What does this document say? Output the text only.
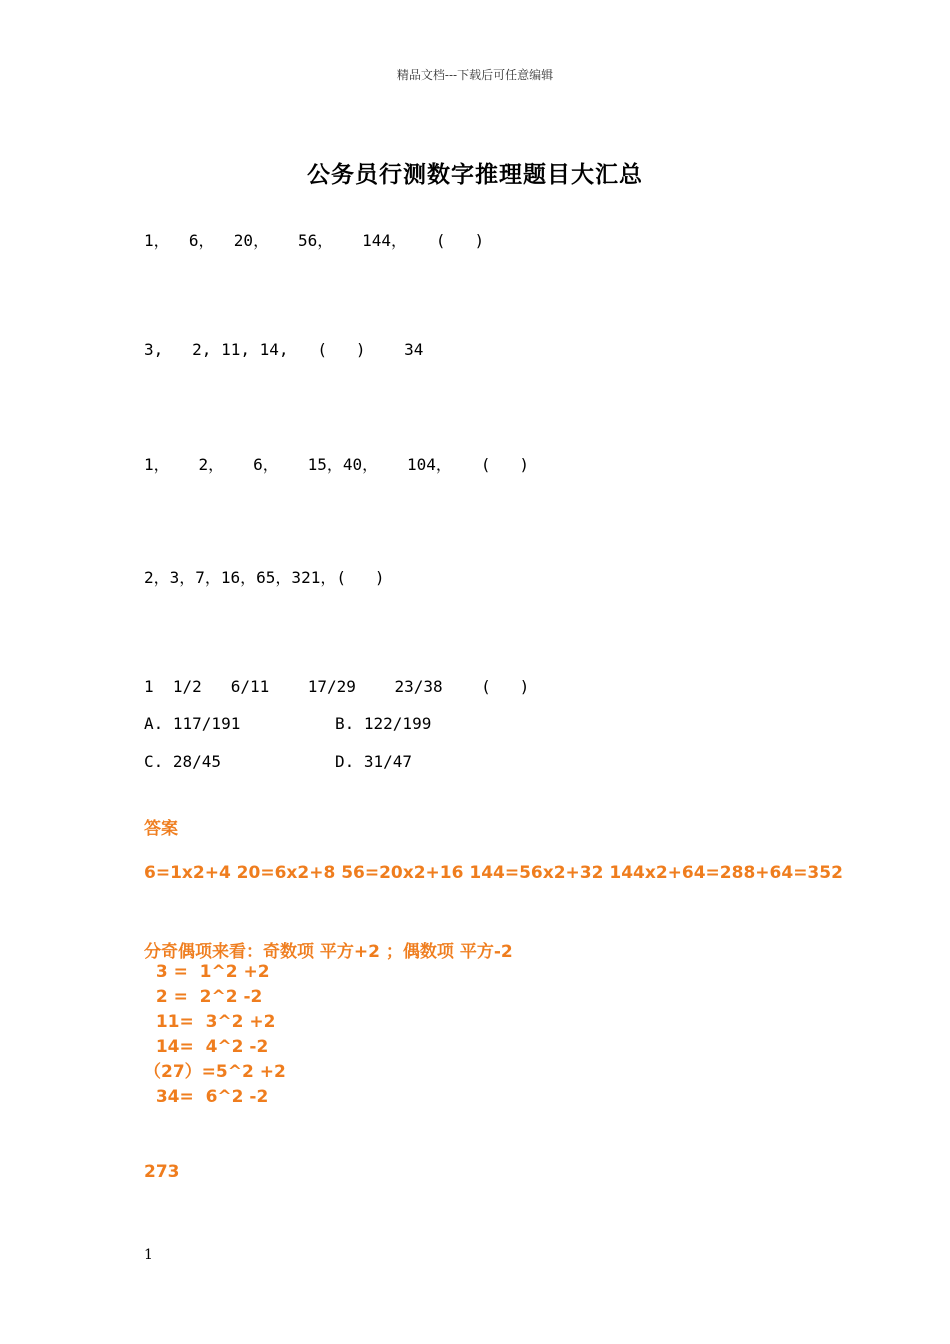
精品文档---下载后可任意编辑
公务员行测数字推理题目大汇总
1，  6，  20，   56，   144，   (   )
3,   2, 11, 14,   (   )    34
1，   2，   6，   15，40，   104，   (   )
2，3，7，16，65，321，(   )
1  1/2   6/11    17/29    23/38    (   )
A. 117/191	B. 122/199
C. 28/45	D. 31/47
答案
6=1x2+4 20=6x2+8 56=20x2+16 144=56x2+32 144x2+64=288+64=352
分奇偶项来看：奇数项 平方+2 ；偶数项 平方-2
3 =  1^2 +2
2 =  2^2 -2
11=  3^2 +2
14=  4^2 -2
（27）=5^2 +2
34=  6^2 -2
273
1
